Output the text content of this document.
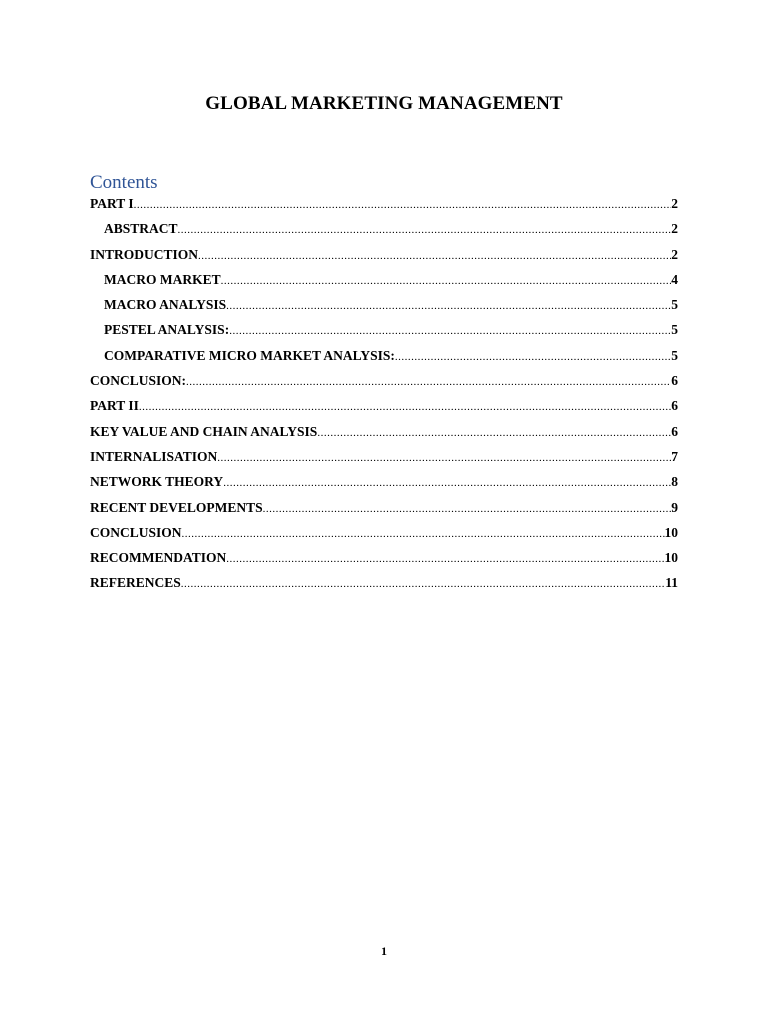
GLOBAL MARKETING MANAGEMENT
Contents
PART I .....	2
ABSTRACT .....	2
INTRODUCTION .....	2
MACRO MARKET .....	4
MACRO ANALYSIS .....	5
PESTEL ANALYSIS: .....	5
COMPARATIVE MICRO MARKET ANALYSIS: .....	5
CONCLUSION: .....	6
PART II .....	6
KEY VALUE AND CHAIN ANALYSIS .....	6
INTERNALISATION .....	7
NETWORK THEORY .....	8
RECENT DEVELOPMENTS .....	9
CONCLUSION .....	10
RECOMMENDATION .....	10
REFERENCES .....	11
1
